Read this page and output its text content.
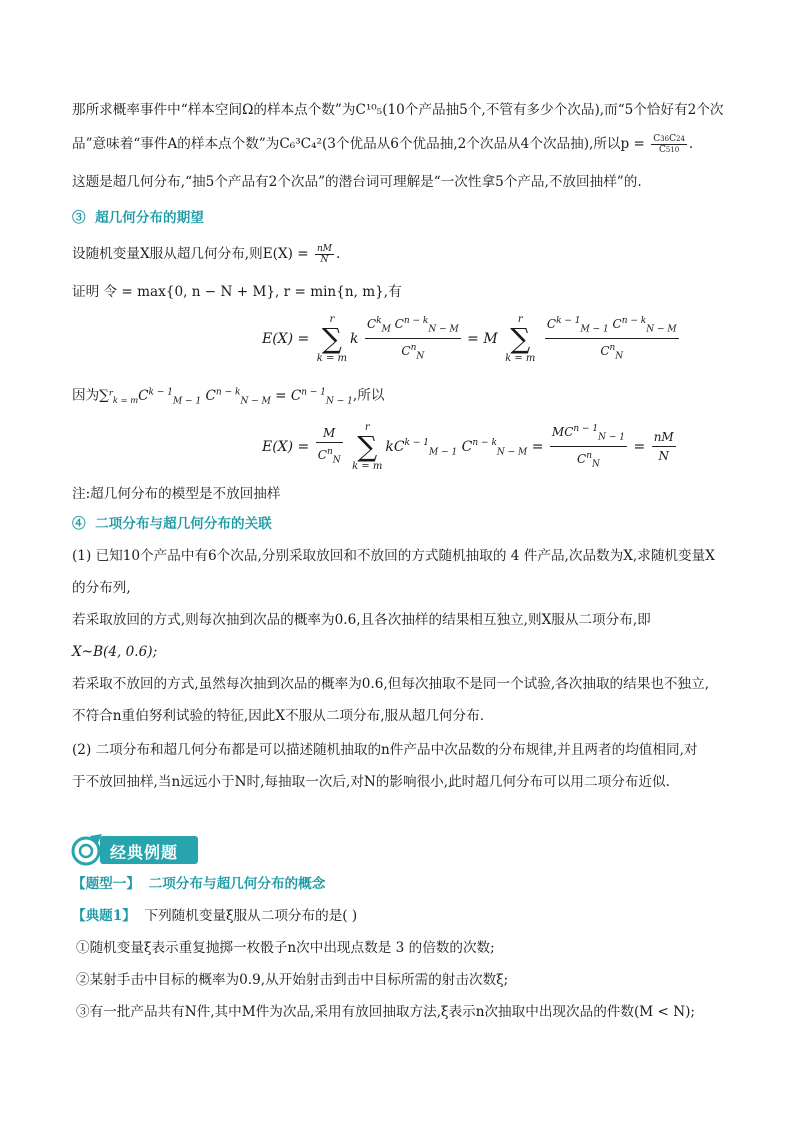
那所求概率事件中“样本空间Ω的样本点个数”为C¹⁰₅(10个产品抽5个,不管有多少个次品),而“5个恰好有2个次
品”意味着“事件A的样本点个数”为C₆³C₄²(3个优品从6个优品抽,2个次品从4个次品抽),所以$p = \frac{C36C24}{C510}$ .
这题是超几何分布,“抽5个产品有2个次品”的潜台词可理解是“一次性拿5个产品,不放回抽样”的.
③ 超几何分布的期望
设随机变量X服从超几何分布,则$E(X) = \frac{nM}{N}$ .
证明 令 = max{0, n − N + M}, r = min{n, m},有
E(X) =
r
∑
k = m
k $\frac{C^k_M C^{n - k}_{N - M}}{C^n_N} = M$
r
∑
k = m
$\frac{C^{k - 1}_{M - 1} C^{n - k}_{N - M}}{C^n_N}$
因为$\sum^r_{k = m}C^{k - 1}_{M - 1}$ $C^{n - k}_{N - M} = C^{n - 1}_{N - 1}$,所以
$E(X) = \frac{M}{C^n_N}$
	r
∑
k = m
$kC^{k - 1}_{M - 1}$ $C^{n - k}_{N - M} = \frac{MC^{n - 1}_{N - 1}}{C^n_N} = \frac{nM}{N}$
注:超几何分布的模型是不放回抽样
④ 二项分布与超几何分布的关联
(1) 已知10个产品中有6个次品,分别采取放回和不放回的方式随机抽取的 4 件产品,次品数为X,求随机变量X
的分布列,
若采取放回的方式,则每次抽到次品的概率为0.6,且各次抽样的结果相互独立,则X服从二项分布,即
X~B(4, 0.6);
若采取不放回的方式,虽然每次抽到次品的概率为0.6,但每次抽取不是同一个试验,各次抽取的结果也不独立,
不符合n重伯努利试验的特征,因此X不服从二项分布,服从超几何分布.
(2) 二项分布和超几何分布都是可以描述随机抽取的n件产品中次品数的分布规律,并且两者的均值相同,对
于不放回抽样,当n远远小于N时,每抽取一次后,对N的影响很小,此时超几何分布可以用二项分布近似.
经典例题
【题型一】 二项分布与超几何分布的概念
【典题1】 下列随机变量ξ服从二项分布的是( )
①随机变量ξ表示重复抛掷一枚骰子n次中出现点数是 3 的倍数的次数;
②某射手击中目标的概率为0.9,从开始射击到击中目标所需的射击次数ξ;
③有一批产品共有N件,其中M件为次品,采用有放回抽取方法,ξ表示n次抽取中出现次品的件数(M < N);
